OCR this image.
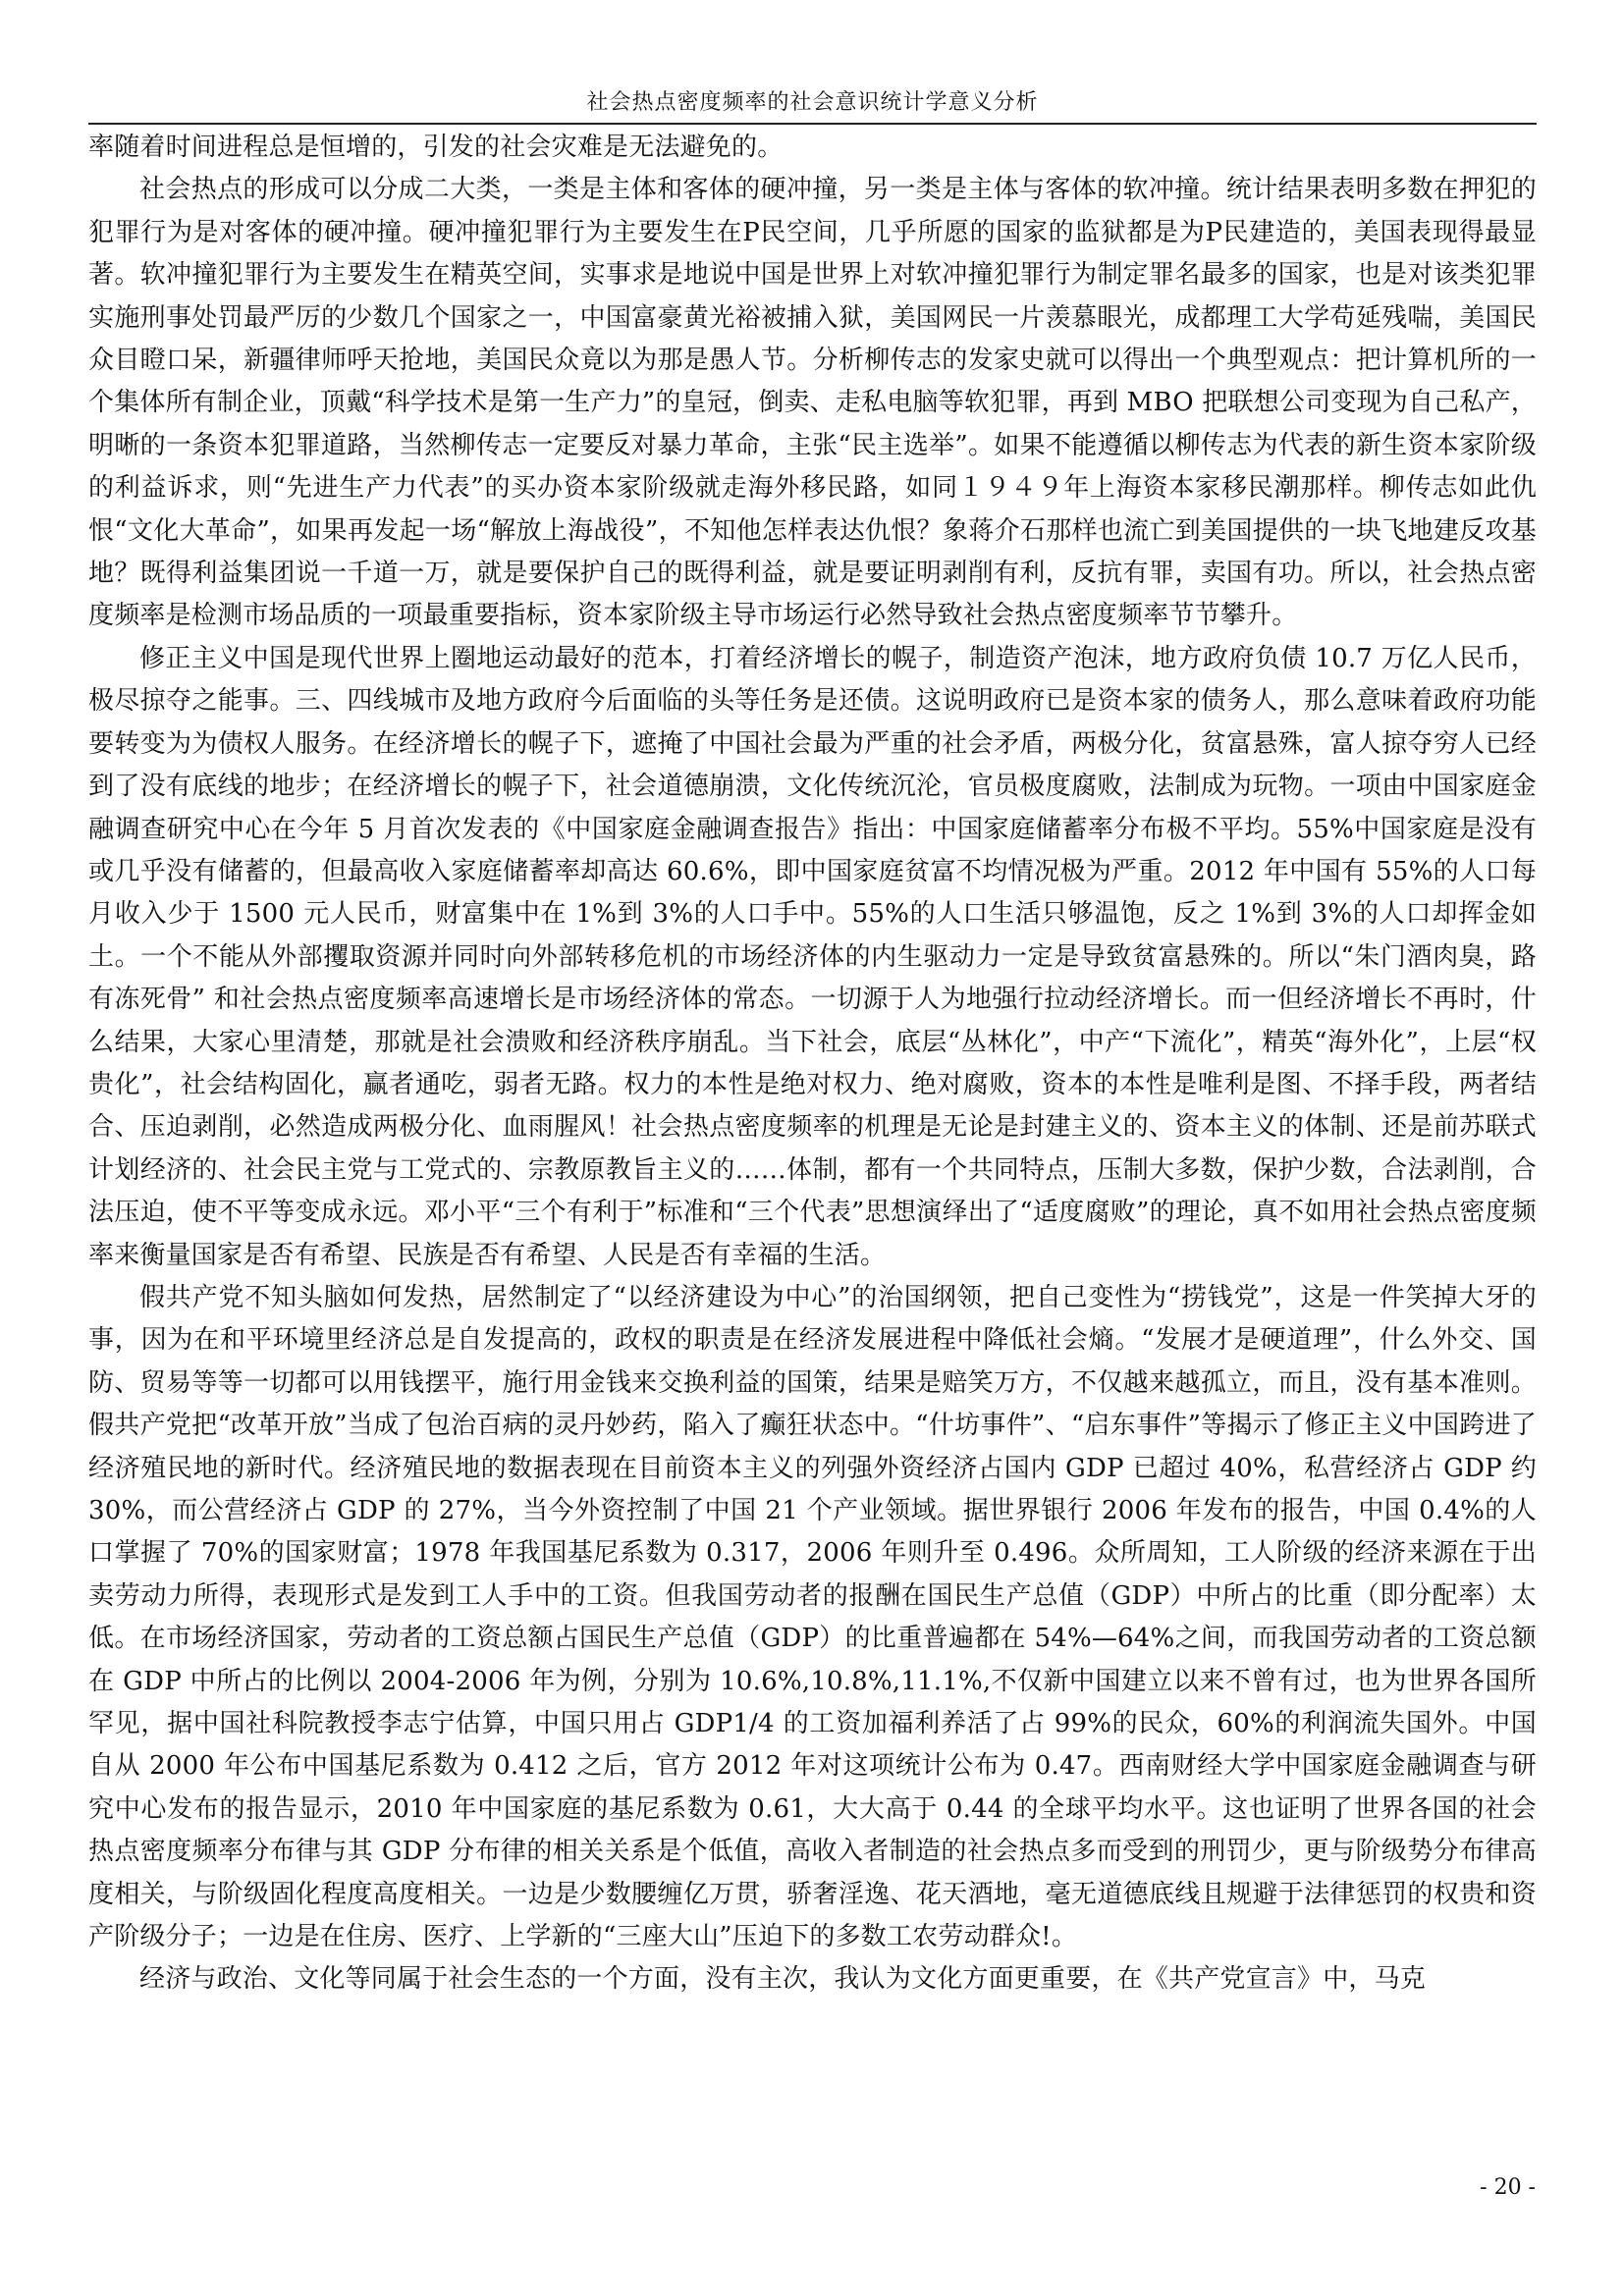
社会热点密度频率的社会意识统计学意义分析

率随着时间进程总是恒增的，引发的社会灾难是无法避免的。

社会热点的形成可以分成二大类，一类是主体和客体的硬冲撞，另一类是主体与客体的软冲撞。统计结果表明多数在押犯的犯罪行为是对客体的硬冲撞。硬冲撞犯罪行为主要发生在P民空间，几乎所愿的国家的监狱都是为P民建造的，美国表现得最显著。软冲撞犯罪行为主要发生在精英空间，实事求是地说中国是世界上对软冲撞犯罪行为制定罪名最多的国家，也是对该类犯罪实施刑事处罚最严厉的少数几个国家之一，中国富豪黄光裕被捕入狱，美国网民一片羡慕眼光，成都理工大学苟延残喘，美国民众目瞪口呆，新疆律师呼天抢地，美国民众竟以为那是愚人节。分析柳传志的发家史就可以得出一个典型观点：把计算机所的一个集体所有制企业，顶戴“科学技术是第一生产力”的皇冠，倒卖、走私电脑等软犯罪，再到 MBO 把联想公司变现为自己私产，明晰的一条资本犯罪道路，当然柳传志一定要反对暴力革命，主张“民主选举”。如果不能遵循以柳传志为代表的新生资本家阶级的利益诉求，则“先进生产力代表”的买办资本家阶级就走海外移民路，如同１９４９年上海资本家移民潮那样。柳传志如此仇恨“文化大革命”，如果再发起一场“解放上海战役”，不知他怎样表达仇恨？象蒋介石那样也流亡到美国提供的一块飞地建反攻基地？既得利益集团说一千道一万，就是要保护自己的既得利益，就是要证明剥削有利，反抗有罪，卖国有功。所以，社会热点密度频率是检测市场品质的一项最重要指标，资本家阶级主导市场运行必然导致社会热点密度频率节节攀升。

修正主义中国是现代世界上圈地运动最好的范本，打着经济增长的幌子，制造资产泡沫，地方政府负债 10.7 万亿人民币，极尽掠夺之能事。三、四线城市及地方政府今后面临的头等任务是还债。这说明政府已是资本家的债务人，那么意味着政府功能要转变为为债权人服务。在经济增长的幌子下，遮掩了中国社会最为严重的社会矛盾，两极分化，贫富悬殊，富人掠夺穷人已经到了没有底线的地步；在经济增长的幌子下，社会道德崩溃，文化传统沉沦，官员极度腐败，法制成为玩物。一项由中国家庭金融调查研究中心在今年 5 月首次发表的《中国家庭金融调查报告》指出：中国家庭储蓄率分布极不平均。55%中国家庭是没有或几乎没有储蓄的，但最高收入家庭储蓄率却高达 60.6%，即中国家庭贫富不均情况极为严重。2012 年中国有 55%的人口每月收入少于 1500 元人民币，财富集中在 1%到 3%的人口手中。55%的人口生活只够温饱，反之 1%到 3%的人口却挥金如土。一个不能从外部攫取资源并同时向外部转移危机的市场经济体的内生驱动力一定是导致贫富悬殊的。所以“朱门酒肉臭，路有冻死骨” 和社会热点密度频率高速增长是市场经济体的常态。一切源于人为地强行拉动经济增长。而一但经济增长不再时，什么结果，大家心里清楚，那就是社会溃败和经济秩序崩乱。当下社会，底层“丛林化”，中产“下流化”，精英“海外化”，上层“权贵化”，社会结构固化，赢者通吃，弱者无路。权力的本性是绝对权力、绝对腐败，资本的本性是唯利是图、不择手段，两者结合、压迫剥削，必然造成两极分化、血雨腥风！社会热点密度频率的机理是无论是封建主义的、资本主义的体制、还是前苏联式计划经济的、社会民主党与工党式的、宗教原教旨主义的……体制，都有一个共同特点，压制大多数，保护少数，合法剥削，合法压迫，使不平等变成永远。邓小平“三个有利于”标准和“三个代表”思想演绎出了“适度腐败”的理论，真不如用社会热点密度频率来衡量国家是否有希望、民族是否有希望、人民是否有幸福的生活。

假共产党不知头脑如何发热，居然制定了“以经济建设为中心”的治国纲领，把自己变性为“捞钱党”，这是一件笑掉大牙的事，因为在和平环境里经济总是自发提高的，政权的职责是在经济发展进程中降低社会熵。“发展才是硬道理”，什么外交、国防、贸易等等一切都可以用钱摆平，施行用金钱来交换利益的国策，结果是赔笑万方，不仅越来越孤立，而且，没有基本准则。假共产党把“改革开放”当成了包治百病的灵丹妙药，陷入了癫狂状态中。“什坊事件”、“启东事件”等揭示了修正主义中国跨进了经济殖民地的新时代。经济殖民地的数据表现在目前资本主义的列强外资经济占国内 GDP 已超过 40%，私营经济占 GDP 约 30%，而公营经济占 GDP 的 27%，当今外资控制了中国 21 个产业领域。据世界银行 2006 年发布的报告，中国 0.4%的人口掌握了 70%的国家财富；1978 年我国基尼系数为 0.317，2006 年则升至 0.496。众所周知，工人阶级的经济来源在于出卖劳动力所得，表现形式是发到工人手中的工资。但我国劳动者的报酬在国民生产总值（GDP）中所占的比重（即分配率）太低。在市场经济国家，劳动者的工资总额占国民生产总值（GDP）的比重普遍都在 54%—64%之间，而我国劳动者的工资总额在 GDP 中所占的比例以 2004-2006 年为例，分别为 10.6%,10.8%,11.1%,不仅新中国建立以来不曾有过，也为世界各国所罕见，据中国社科院教授李志宁估算，中国只用占 GDP1/4 的工资加福利养活了占 99%的民众，60%的利润流失国外。中国自从 2000 年公布中国基尼系数为 0.412 之后，官方 2012 年对这项统计公布为 0.47。西南财经大学中国家庭金融调查与研究中心发布的报告显示，2010 年中国家庭的基尼系数为 0.61，大大高于 0.44 的全球平均水平。这也证明了世界各国的社会热点密度频率分布律与其 GDP 分布律的相关关系是个低值，高收入者制造的社会热点多而受到的刑罚少，更与阶级势分布律高度相关，与阶级固化程度高度相关。一边是少数腰缠亿万贯，骄奢淫逸、花天酒地，毫无道德底线且规避于法律惩罚的权贵和资产阶级分子；一边是在住房、医疗、上学新的“三座大山”压迫下的多数工农劳动群众!。

经济与政治、文化等同属于社会生态的一个方面，没有主次，我认为文化方面更重要，在《共产党宣言》中，马克

- 20 -
